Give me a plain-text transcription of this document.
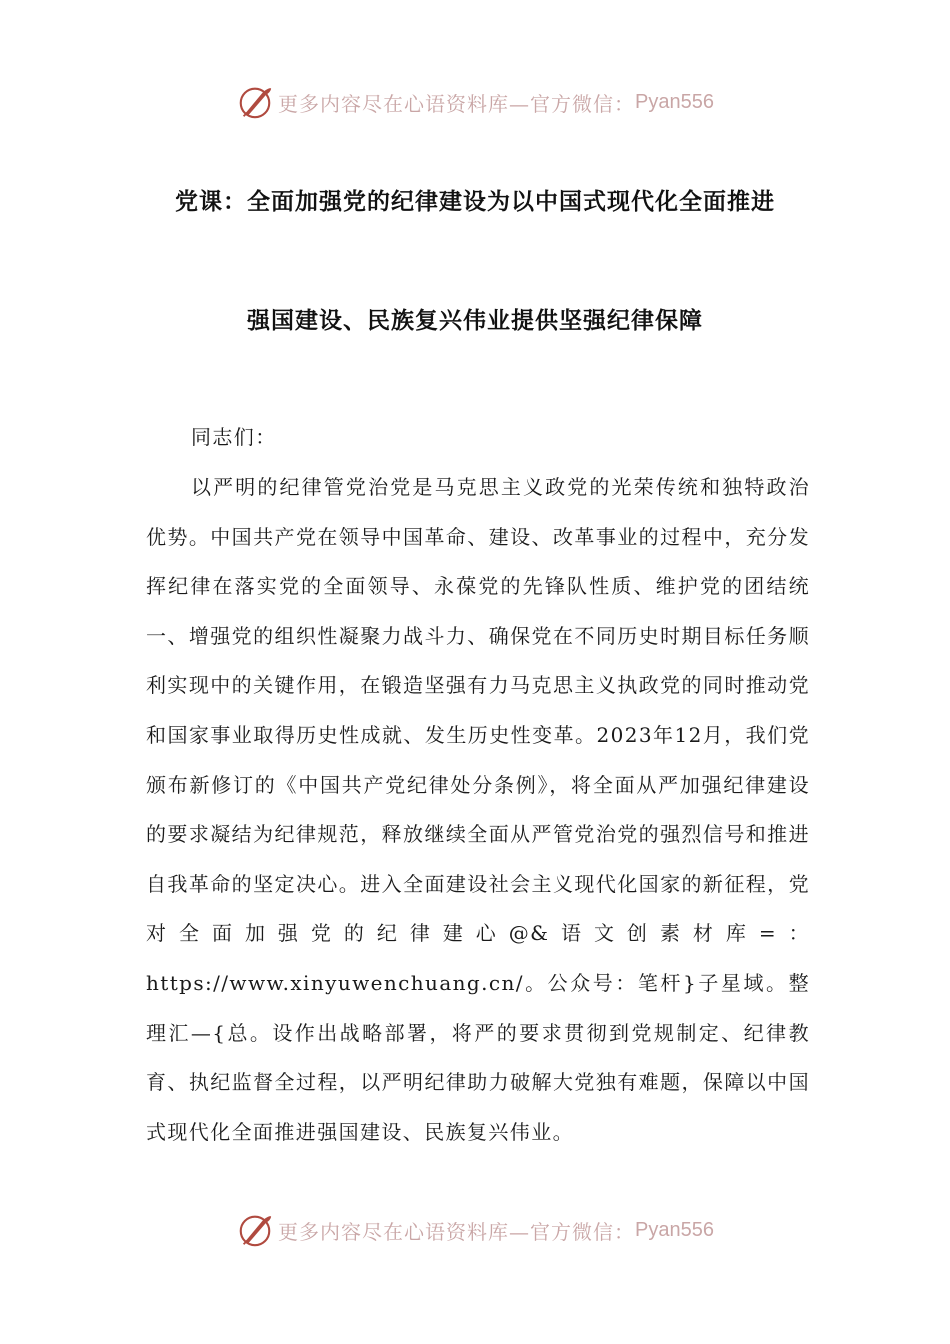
更多内容尽在心语资料库—官方微信： Pyan556
党课：全面加强党的纪律建设为以中国式现代化全面推进
强国建设、民族复兴伟业提供坚强纪律保障
同志们：
以严明的纪律管党治党是马克思主义政党的光荣传统和独特政治优势。中国共产党在领导中国革命、建设、改革事业的过程中，充分发挥纪律在落实党的全面领导、永葆党的先锋队性质、维护党的团结统一、增强党的组织性凝聚力战斗力、确保党在不同历史时期目标任务顺利实现中的关键作用，在锻造坚强有力马克思主义执政党的同时推动党和国家事业取得历史性成就、发生历史性变革。2023年12月，我们党颁布新修订的《中国共产党纪律处分条例》，将全面从严加强纪律建设的要求凝结为纪律规范，释放继续全面从严管党治党的强烈信号和推进自我革命的坚定决心。进入全面建设社会主义现代化国家的新征程，党对全面加强党的纪律建心@&语文创素材库=：https://www.xinyuwenchuang.cn/。公众号：笔杆}子星域。整理汇—{总。设作出战略部署，将严的要求贯彻到党规制定、纪律教育、执纪监督全过程，以严明纪律助力破解大党独有难题，保障以中国式现代化全面推进强国建设、民族复兴伟业。
更多内容尽在心语资料库—官方微信： Pyan556
